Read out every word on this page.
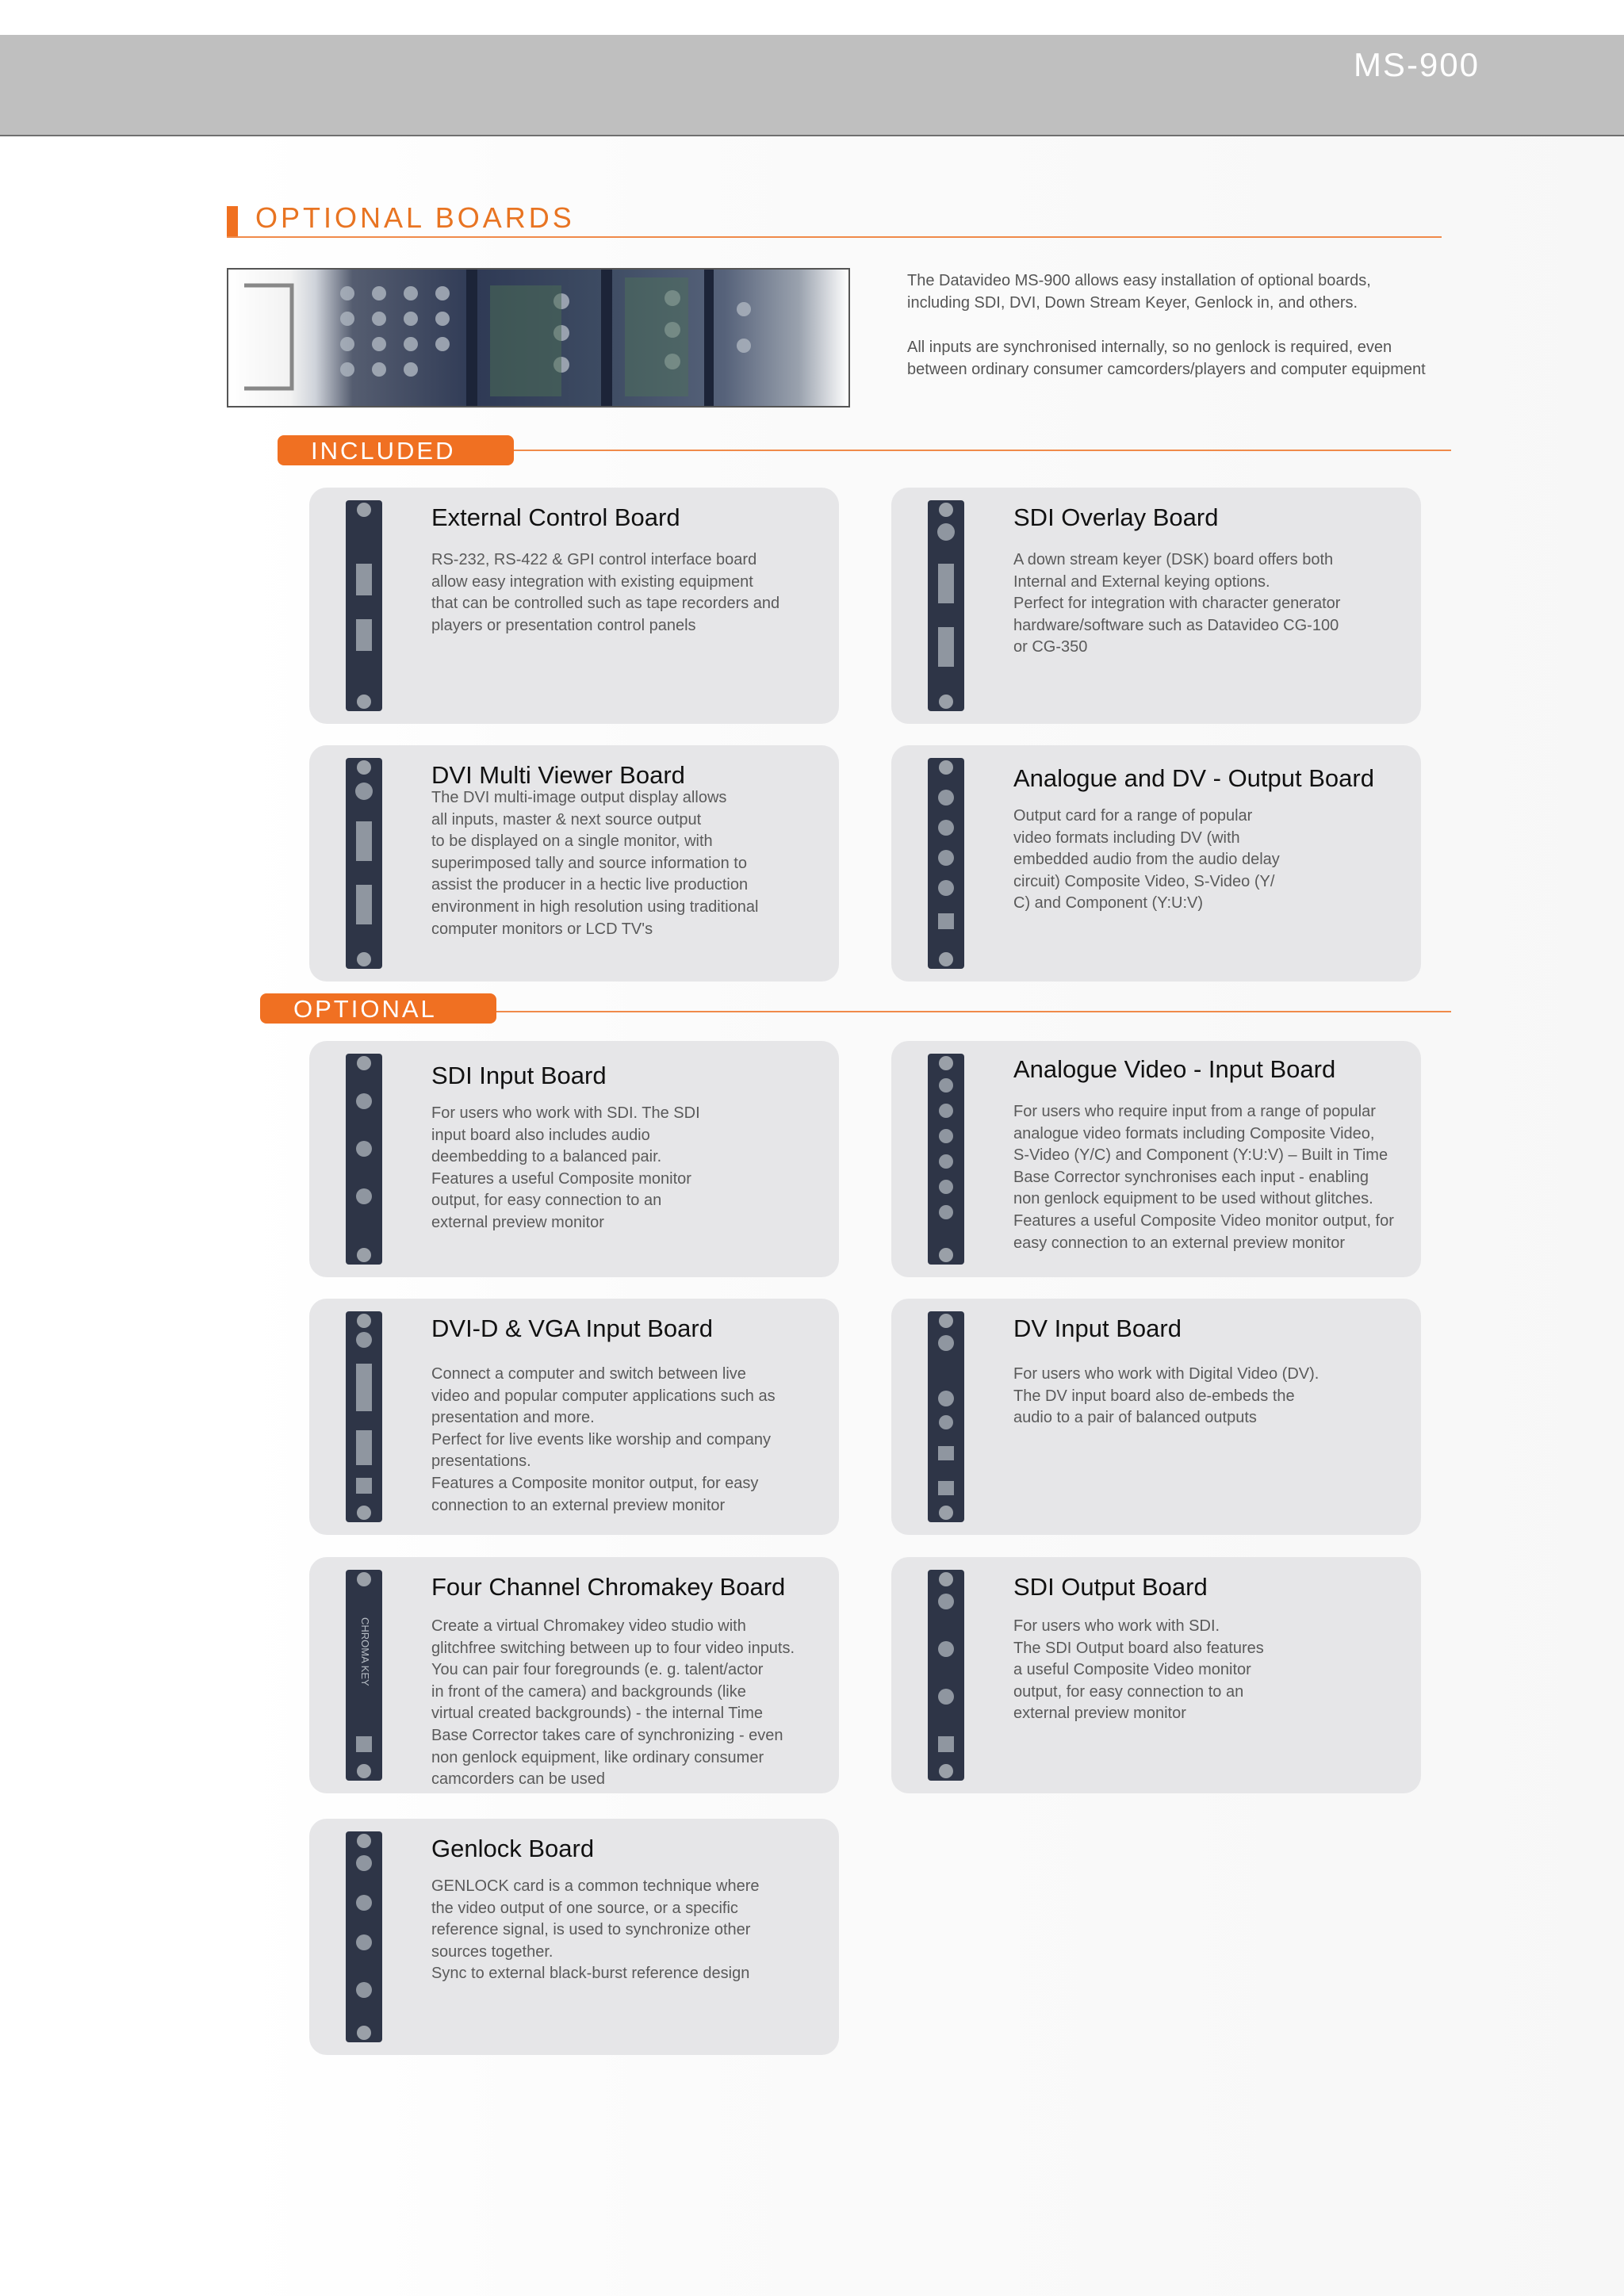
MS-900
OPTIONAL BOARDS

The Datavideo MS-900 allows easy installation of optional boards,
including SDI, DVI, Down Stream Keyer, Genlock in, and others.

All inputs are synchronised internally, so no genlock is required, even
between ordinary consumer camcorders/players and computer equipment

INCLUDED
External Control Board

RS-232, RS-422 & GPI control interface board
allow easy integration with existing equipment
that can be controlled such as tape recorders and
players or presentation control panels

SDI Overlay Board

A down stream keyer (DSK) board offers both
Internal and External keying options.
Perfect for integration with character generator
hardware/software such as Datavideo CG-100
or CG-350

DVI Multi Viewer Board

The DVI multi-image output display allows
all inputs, master & next source output
to be displayed on a single monitor, with
superimposed tally and source information to
assist the producer in a hectic live production
environment in high resolution using traditional
computer monitors or LCD TV's

Analogue and DV - Output Board

Output card for a range of popular
video formats including DV (with
embedded audio from the audio delay
circuit) Composite Video, S-Video (Y/
C) and Component (Y:U:V)

OPTIONAL
SDI Input Board

For users who work with SDI. The SDI
input board also includes audio
deembedding to a balanced pair.
Features a useful Composite monitor
output, for easy connection to an
external preview monitor

Analogue Video - Input Board

For users who require input from a range of popular
analogue video formats including Composite Video,
S-Video (Y/C) and Component (Y:U:V) – Built in Time
Base Corrector synchronises each input - enabling
non genlock equipment to be used without glitches.
Features a useful Composite Video monitor output, for
easy connection to an external preview monitor

DVI-D & VGA Input Board

Connect a computer and switch between live
video and popular computer applications such as
presentation and more.
Perfect for live events like worship and company
presentations.
Features a Composite monitor output, for easy
connection to an external preview monitor

DV Input Board

For users who work with Digital Video (DV).
The DV input board also de-embeds the
audio to a pair of balanced outputs

CHROMA KEY
Four Channel Chromakey Board

Create a virtual Chromakey video studio with
glitchfree switching between up to four video inputs.
You can pair four foregrounds (e. g. talent/actor
in front of the camera) and backgrounds (like
virtual created backgrounds) - the internal Time
Base Corrector takes care of synchronizing - even
non genlock equipment, like ordinary consumer
camcorders can be used

SDI Output Board

For users who work with SDI.
The SDI Output board also features
a useful Composite Video monitor
output, for easy connection to an
external preview monitor

Genlock Board

GENLOCK card is a common technique where
the video output of one source, or a specific
reference signal, is used to synchronize other
sources together.
Sync to external black-burst reference design
